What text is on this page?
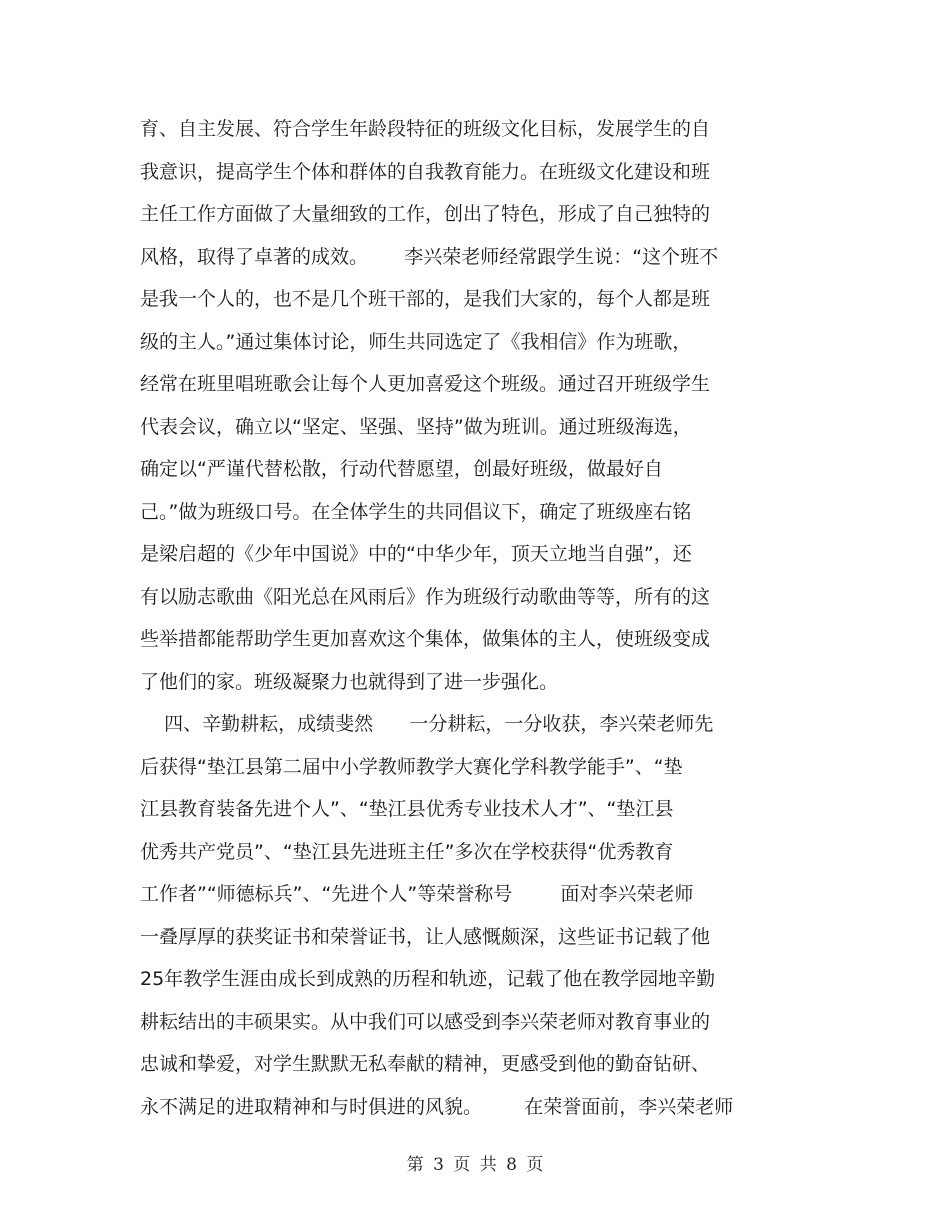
育、自主发展、符合学生年龄段特征的班级文化目标，发展学生的自
我意识，提高学生个体和群体的自我教育能力。在班级文化建设和班
主任工作方面做了大量细致的工作，创出了特色，形成了自己独特的
风格，取得了卓著的成效。      李兴荣老师经常跟学生说：“这个班不
是我一个人的，也不是几个班干部的，是我们大家的，每个人都是班
级的主人。”通过集体讨论，师生共同选定了《我相信》作为班歌，
经常在班里唱班歌会让每个人更加喜爱这个班级。通过召开班级学生
代表会议，确立以“坚定、坚强、坚持”做为班训。通过班级海选，
确定以“严谨代替松散，行动代替愿望，创最好班级，做最好自
己。”做为班级口号。在全体学生的共同倡议下，确定了班级座右铭
是梁启超的《少年中国说》中的“中华少年，顶天立地当自强”，还
有以励志歌曲《阳光总在风雨后》作为班级行动歌曲等等，所有的这
些举措都能帮助学生更加喜欢这个集体，做集体的主人，使班级变成
了他们的家。班级凝聚力也就得到了进一步强化。
四、辛勤耕耘，成绩斐然      一分耕耘，一分收获，李兴荣老师先
后获得“垫江县第二届中小学教师教学大赛化学科教学能手”、“垫
江县教育装备先进个人”、“垫江县优秀专业技术人才”、“垫江县
优秀共产党员”、“垫江县先进班主任”多次在学校获得“优秀教育
工作者”“师德标兵”、“先进个人”等荣誉称号        面对李兴荣老师
一叠厚厚的获奖证书和荣誉证书，让人感慨颇深，这些证书记载了他
25年教学生涯由成长到成熟的历程和轨迹，记载了他在教学园地辛勤
耕耘结出的丰硕果实。从中我们可以感受到李兴荣老师对教育事业的
忠诚和挚爱，对学生默默无私奉献的精神，更感受到他的勤奋钻研、
永不满足的进取精神和与时俱进的风貌。       在荣誉面前，李兴荣老师
第 3 页 共 8 页
